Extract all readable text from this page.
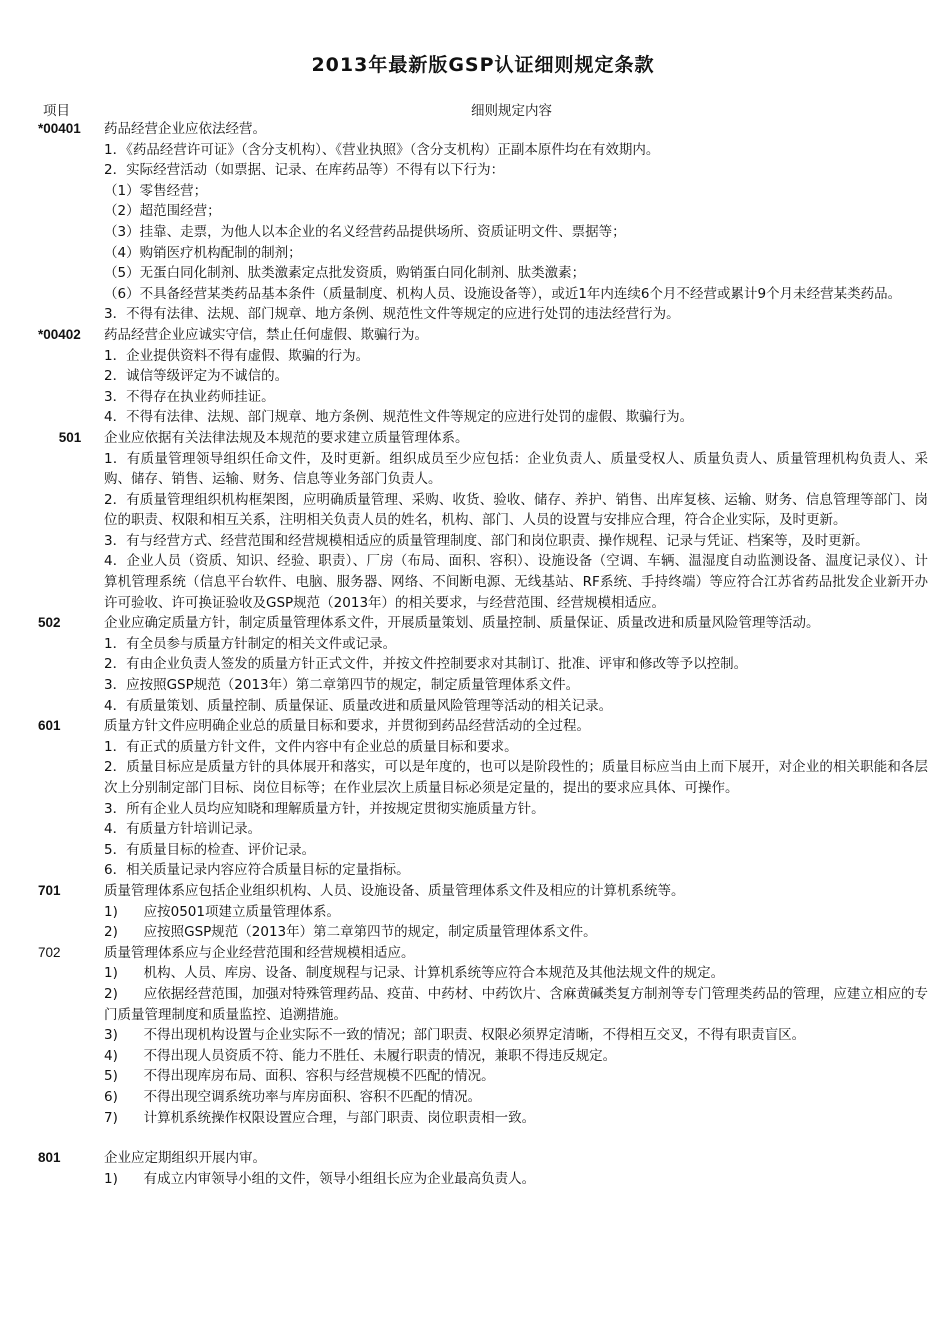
2013年最新版GSP认证细则规定条款
项目	细则规定内容
*00401	药品经营企业应依法经营。

1．《药品经营许可证》（含分支机构）、《营业执照》（含分支机构）正副本原件均在有效期内。

2．实际经营活动（如票据、记录、在库药品等）不得有以下行为：

（1）零售经营；

（2）超范围经营；

（3）挂靠、走票，为他人以本企业的名义经营药品提供场所、资质证明文件、票据等；

（4）购销医疗机构配制的制剂；

（5）无蛋白同化制剂、肽类激素定点批发资质，购销蛋白同化制剂、肽类激素；

（6）不具备经营某类药品基本条件（质量制度、机构人员、设施设备等），或近1年内连续6个月不经营或累计9个月未经营某类药品。

3．不得有法律、法规、部门规章、地方条例、规范性文件等规定的应进行处罚的违法经营行为。

*00402	药品经营企业应诚实守信，禁止任何虚假、欺骗行为。

1．企业提供资料不得有虚假、欺骗的行为。

2．诚信等级评定为不诚信的。

3．不得存在执业药师挂证。

4．不得有法律、法规、部门规章、地方条例、规范性文件等规定的应进行处罚的虚假、欺骗行为。

501	企业应依据有关法律法规及本规范的要求建立质量管理体系。

1．有质量管理领导组织任命文件，及时更新。组织成员至少应包括：企业负责人、质量受权人、质量负责人、质量管理机构负责人、采购、储存、销售、运输、财务、信息等业务部门负责人。

2．有质量管理组织机构框架图，应明确质量管理、采购、收货、验收、储存、养护、销售、出库复核、运输、财务、信息管理等部门、岗位的职责、权限和相互关系，注明相关负责人员的姓名，机构、部门、人员的设置与安排应合理，符合企业实际，及时更新。

3．有与经营方式、经营范围和经营规模相适应的质量管理制度、部门和岗位职责、操作规程、记录与凭证、档案等，及时更新。

4．企业人员（资质、知识、经验、职责）、厂房（布局、面积、容积）、设施设备（空调、车辆、温湿度自动监测设备、温度记录仪）、计算机管理系统（信息平台软件、电脑、服务器、网络、不间断电源、无线基站、RF系统、手持终端）等应符合江苏省药品批发企业新开办许可验收、许可换证验收及GSP规范（2013年）的相关要求，与经营范围、经营规模相适应。

502	企业应确定质量方针，制定质量管理体系文件，开展质量策划、质量控制、质量保证、质量改进和质量风险管理等活动。

1．有全员参与质量方针制定的相关文件或记录。

2．有由企业负责人签发的质量方针正式文件，并按文件控制要求对其制订、批准、评审和修改等予以控制。

3．应按照GSP规范（2013年）第二章第四节的规定，制定质量管理体系文件。

4．有质量策划、质量控制、质量保证、质量改进和质量风险管理等活动的相关记录。

601	质量方针文件应明确企业总的质量目标和要求，并贯彻到药品经营活动的全过程。

1．有正式的质量方针文件，文件内容中有企业总的质量目标和要求。

2．质量目标应是质量方针的具体展开和落实，可以是年度的，也可以是阶段性的；质量目标应当由上而下展开，对企业的相关职能和各层次上分别制定部门目标、岗位目标等；在作业层次上质量目标必须是定量的，提出的要求应具体、可操作。

3．所有企业人员均应知晓和理解质量方针，并按规定贯彻实施质量方针。

4．有质量方针培训记录。

5．有质量目标的检查、评价记录。

6．相关质量记录内容应符合质量目标的定量指标。

701	质量管理体系应包括企业组织机构、人员、设施设备、质量管理体系文件及相应的计算机系统等。

1)      应按0501项建立质量管理体系。

2)      应按照GSP规范（2013年）第二章第四节的规定，制定质量管理体系文件。

702	质量管理体系应与企业经营范围和经营规模相适应。

1)      机构、人员、库房、设备、制度规程与记录、计算机系统等应符合本规范及其他法规文件的规定。

2)      应依据经营范围，加强对特殊管理药品、疫苗、中药材、中药饮片、含麻黄碱类复方制剂等专门管理类药品的管理，应建立相应的专门质量管理制度和质量监控、追溯措施。

3)      不得出现机构设置与企业实际不一致的情况；部门职责、权限必须界定清晰，不得相互交叉，不得有职责盲区。

4)      不得出现人员资质不符、能力不胜任、未履行职责的情况，兼职不得违反规定。

5)      不得出现库房布局、面积、容积与经营规模不匹配的情况。

6)      不得出现空调系统功率与库房面积、容积不匹配的情况。

7)      计算机系统操作权限设置应合理，与部门职责、岗位职责相一致。

801	企业应定期组织开展内审。

1)      有成立内审领导小组的文件，领导小组组长应为企业最高负责人。
